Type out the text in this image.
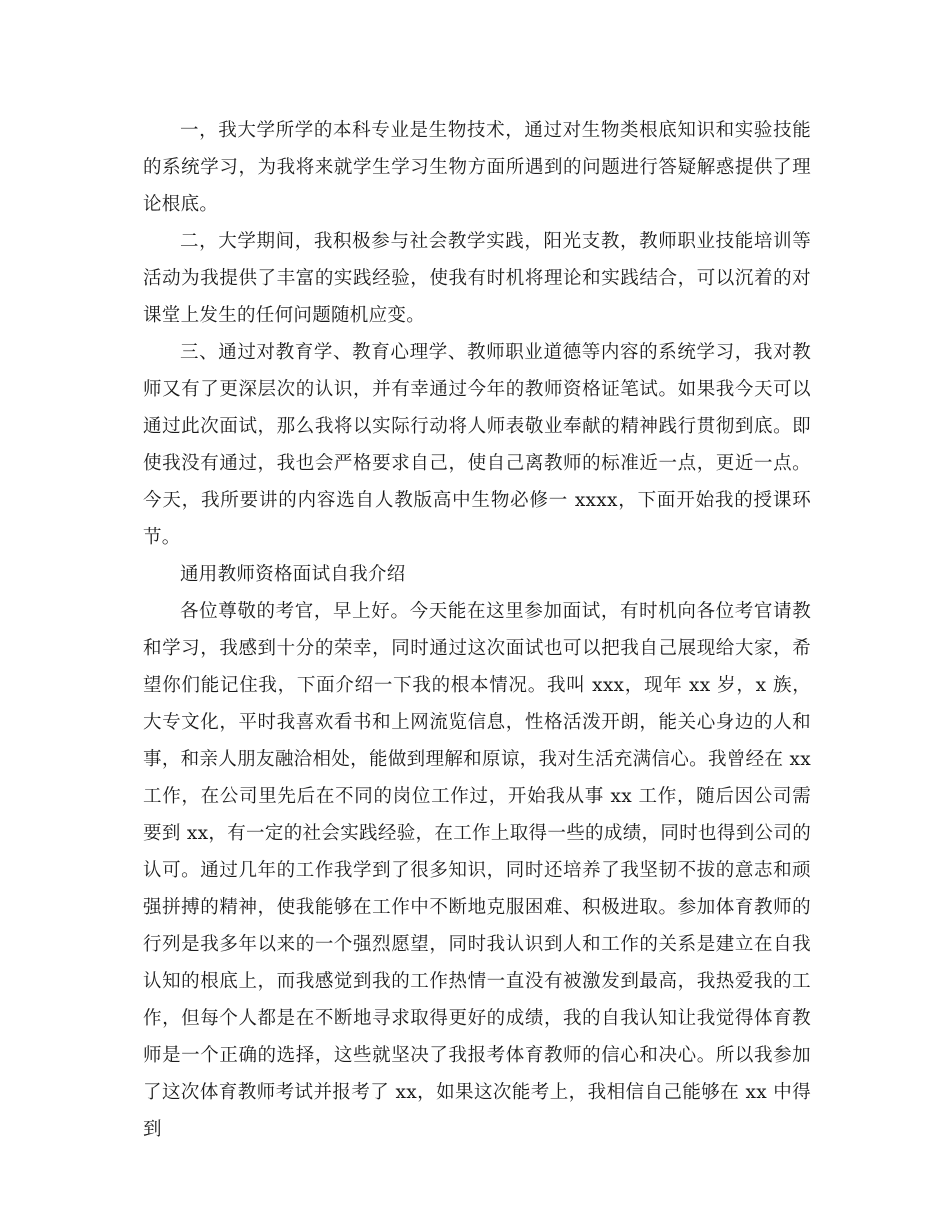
一，我大学所学的本科专业是生物技术，通过对生物类根底知识和实验技能的系统学习，为我将来就学生学习生物方面所遇到的问题进行答疑解惑提供了理论根底。

二，大学期间，我积极参与社会教学实践，阳光支教，教师职业技能培训等活动为我提供了丰富的实践经验，使我有时机将理论和实践结合，可以沉着的对课堂上发生的任何问题随机应变。

三、通过对教育学、教育心理学、教师职业道德等内容的系统学习，我对教师又有了更深层次的认识，并有幸通过今年的教师资格证笔试。如果我今天可以通过此次面试，那么我将以实际行动将人师表敬业奉献的精神践行贯彻到底。即使我没有通过，我也会严格要求自己，使自己离教师的标准近一点，更近一点。今天，我所要讲的内容选自人教版高中生物必修一 xxxx，下面开始我的授课环节。

通用教师资格面试自我介绍

各位尊敬的考官，早上好。今天能在这里参加面试，有时机向各位考官请教和学习，我感到十分的荣幸，同时通过这次面试也可以把我自己展现给大家，希望你们能记住我，下面介绍一下我的根本情况。我叫 xxx，现年 xx 岁，x 族，大专文化，平时我喜欢看书和上网流览信息，性格活泼开朗，能关心身边的人和事，和亲人朋友融洽相处，能做到理解和原谅，我对生活充满信心。我曾经在 xx 工作，在公司里先后在不同的岗位工作过，开始我从事 xx 工作，随后因公司需要到 xx，有一定的社会实践经验，在工作上取得一些的成绩，同时也得到公司的认可。通过几年的工作我学到了很多知识，同时还培养了我坚韧不拔的意志和顽强拼搏的精神，使我能够在工作中不断地克服困难、积极进取。参加体育教师的行列是我多年以来的一个强烈愿望，同时我认识到人和工作的关系是建立在自我认知的根底上，而我感觉到我的工作热情一直没有被激发到最高，我热爱我的工作，但每个人都是在不断地寻求取得更好的成绩，我的自我认知让我觉得体育教师是一个正确的选择，这些就坚决了我报考体育教师的信心和决心。所以我参加了这次体育教师考试并报考了 xx，如果这次能考上，我相信自己能够在 xx 中得到
